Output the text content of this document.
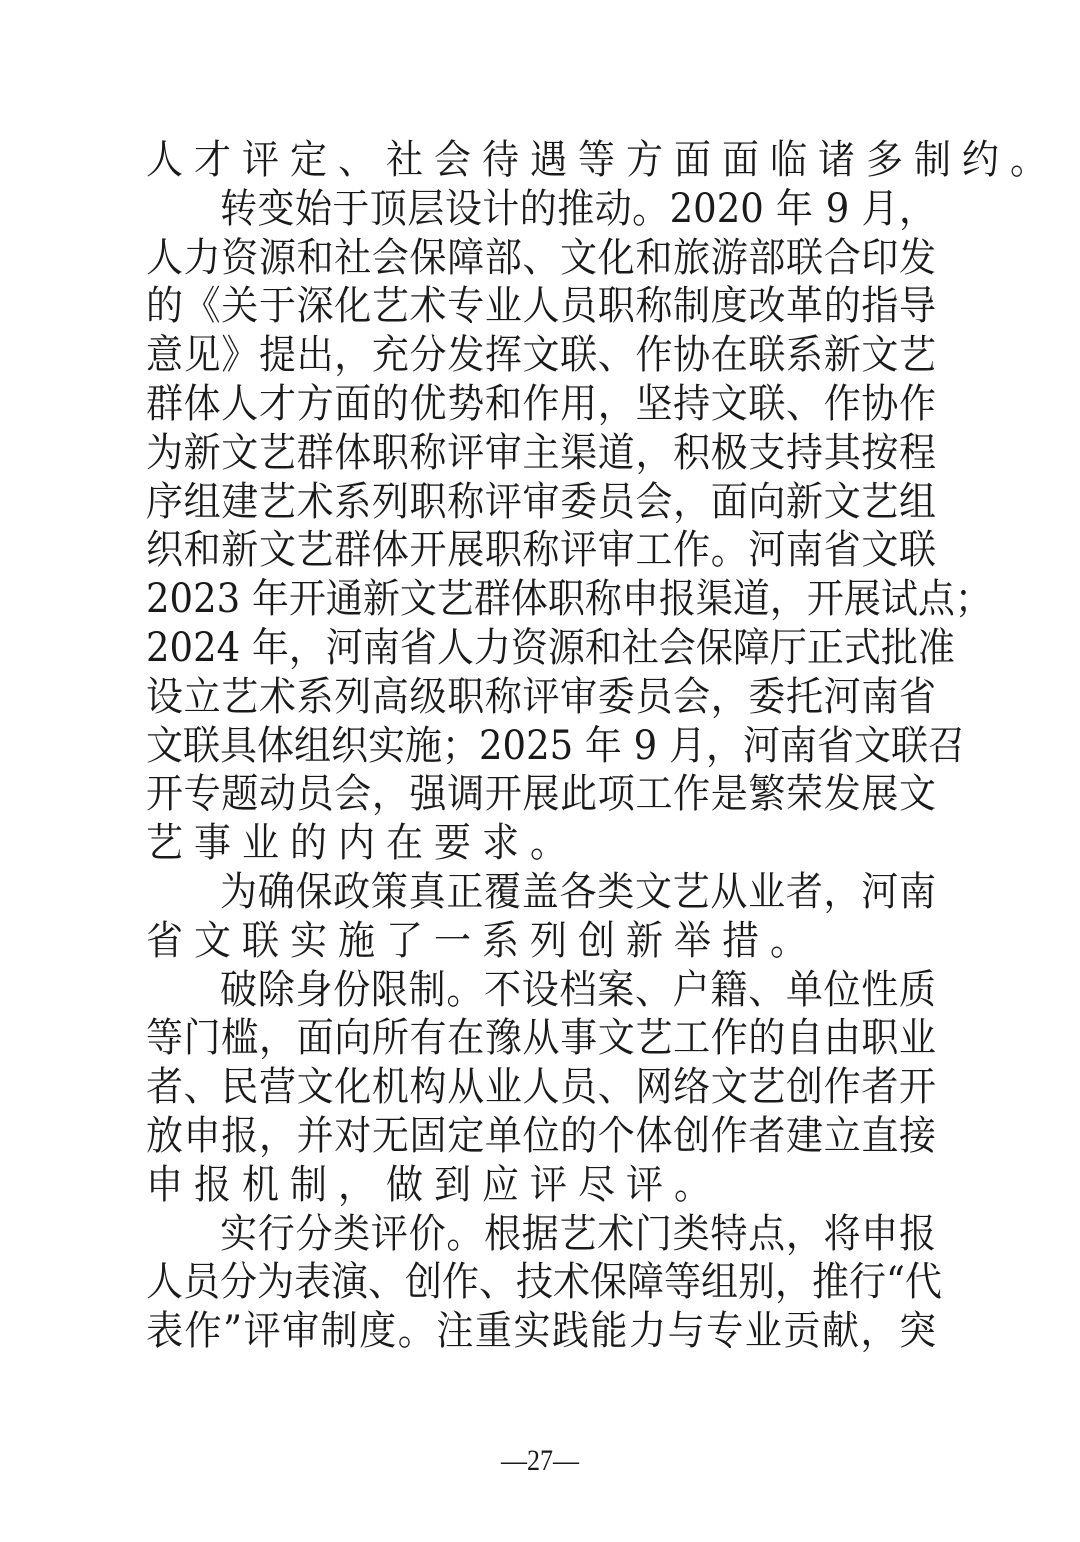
人才评定、社会待遇等方面面临诸多制约。
转变始于顶层设计的推动。2020 年 9 月，
人力资源和社会保障部、文化和旅游部联合印发
的《关于深化艺术专业人员职称制度改革的指导
意见》提出，充分发挥文联、作协在联系新文艺
群体人才方面的优势和作用，坚持文联、作协作
为新文艺群体职称评审主渠道，积极支持其按程
序组建艺术系列职称评审委员会，面向新文艺组
织和新文艺群体开展职称评审工作。河南省文联
2023 年开通新文艺群体职称申报渠道，开展试点；
2024 年，河南省人力资源和社会保障厅正式批准
设立艺术系列高级职称评审委员会，委托河南省
文联具体组织实施；2025 年 9 月，河南省文联召
开专题动员会，强调开展此项工作是繁荣发展文
艺事业的内在要求。
为确保政策真正覆盖各类文艺从业者，河南
省文联实施了一系列创新举措。
破除身份限制。不设档案、户籍、单位性质
等门槛，面向所有在豫从事文艺工作的自由职业
者、民营文化机构从业人员、网络文艺创作者开
放申报，并对无固定单位的个体创作者建立直接
申报机制，做到应评尽评。
实行分类评价。根据艺术门类特点，将申报
人员分为表演、创作、技术保障等组别，推行“代
表作”评审制度。注重实践能力与专业贡献，突
—27—
